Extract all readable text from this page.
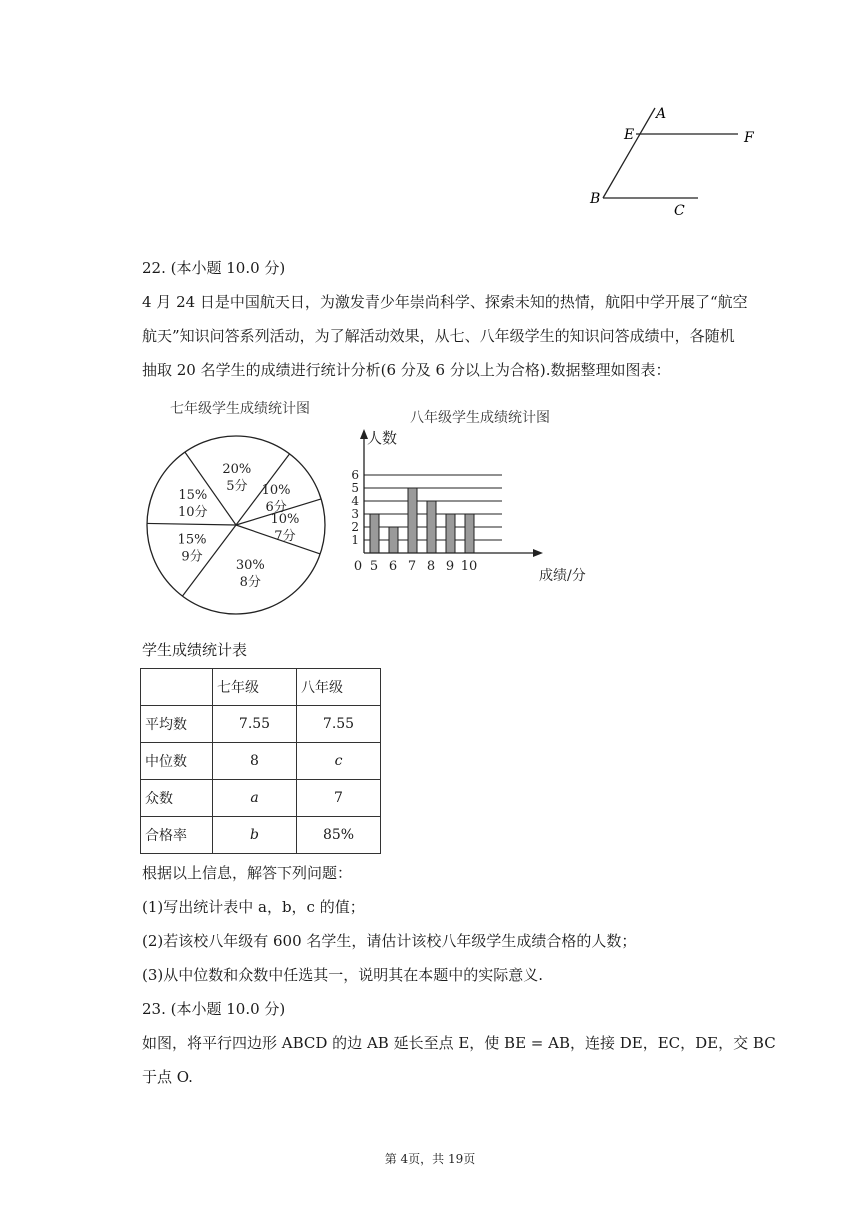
A
E	F
B
C
22. (本小题 10.0 分)
4 月 24 日是中国航天日，为激发青少年崇尚科学、探索未知的热情，航阳中学开展了“航空
航天”知识问答系列活动，为了解活动效果，从七、八年级学生的知识问答成绩中，各随机
抽取 20 名学生的成绩进行统计分析(6 分及 6 分以上为合格).数据整理如图表：
七年级学生成绩统计图
20%
5分 10%
6分
10%
7分
30%
8分
15%
9分
15%
10分
八年级学生成绩统计图
1
2
3
4
5
6
0 5 6 7 8 9 10
人数
成绩/分
学生成绩统计表
	七年级	八年级
平均数	7.55	7.55
中位数	8	c
众数	a	7
合格率	b	85%
根据以上信息，解答下列问题：
(1)写出统计表中 a，b，c 的值；
(2)若该校八年级有 600 名学生，请估计该校八年级学生成绩合格的人数；
(3)从中位数和众数中任选其一，说明其在本题中的实际意义.
23. (本小题 10.0 分)
如图，将平行四边形 ABCD 的边 AB 延长至点 E，使 BE = AB，连接 DE，EC，DE，交 BC
于点 O.
第 4页，共 19页
